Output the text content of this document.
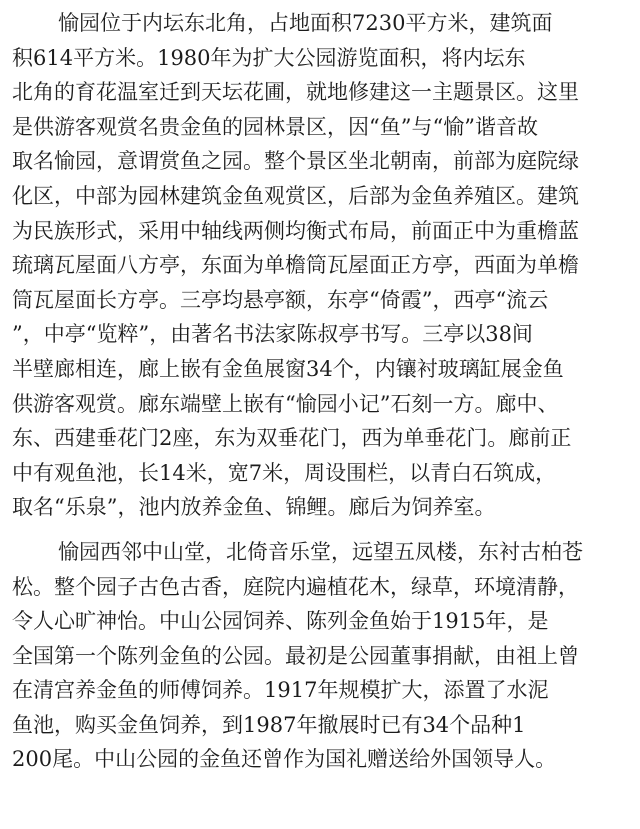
愉园位于内坛东北角，占地面积7230平方米，建筑面
积614平方米。1980年为扩大公园游览面积，将内坛东
北角的育花温室迁到天坛花圃，就地修建这一主题景区。这里
是供游客观赏名贵金鱼的园林景区，因“鱼”与“愉”谐音故
取名愉园，意谓赏鱼之园。整个景区坐北朝南，前部为庭院绿
化区，中部为园林建筑金鱼观赏区，后部为金鱼养殖区。建筑
为民族形式，采用中轴线两侧均衡式布局，前面正中为重檐蓝
琉璃瓦屋面八方亭，东面为单檐筒瓦屋面正方亭，西面为单檐
筒瓦屋面长方亭。三亭均悬亭额，东亭“倚霞”，西亭“流云
”，中亭“览粹”，由著名书法家陈叔亭书写。三亭以38间
半壁廊相连，廊上嵌有金鱼展窗34个，内镶衬玻璃缸展金鱼
供游客观赏。廊东端壁上嵌有“愉园小记”石刻一方。廊中、
东、西建垂花门2座，东为双垂花门，西为单垂花门。廊前正
中有观鱼池，长14米，宽7米，周设围栏，以青白石筑成，
取名“乐泉”，池内放养金鱼、锦鲤。廊后为饲养室。

愉园西邻中山堂，北倚音乐堂，远望五凤楼，东衬古柏苍
松。整个园子古色古香，庭院内遍植花木，绿草，环境清静，
令人心旷神怡。中山公园饲养、陈列金鱼始于1915年，是
全国第一个陈列金鱼的公园。最初是公园董事捐献，由祖上曾
在清宫养金鱼的师傅饲养。1917年规模扩大，添置了水泥
鱼池，购买金鱼饲养，到1987年撤展时已有34个品种1
200尾。中山公园的金鱼还曾作为国礼赠送给外国领导人。
